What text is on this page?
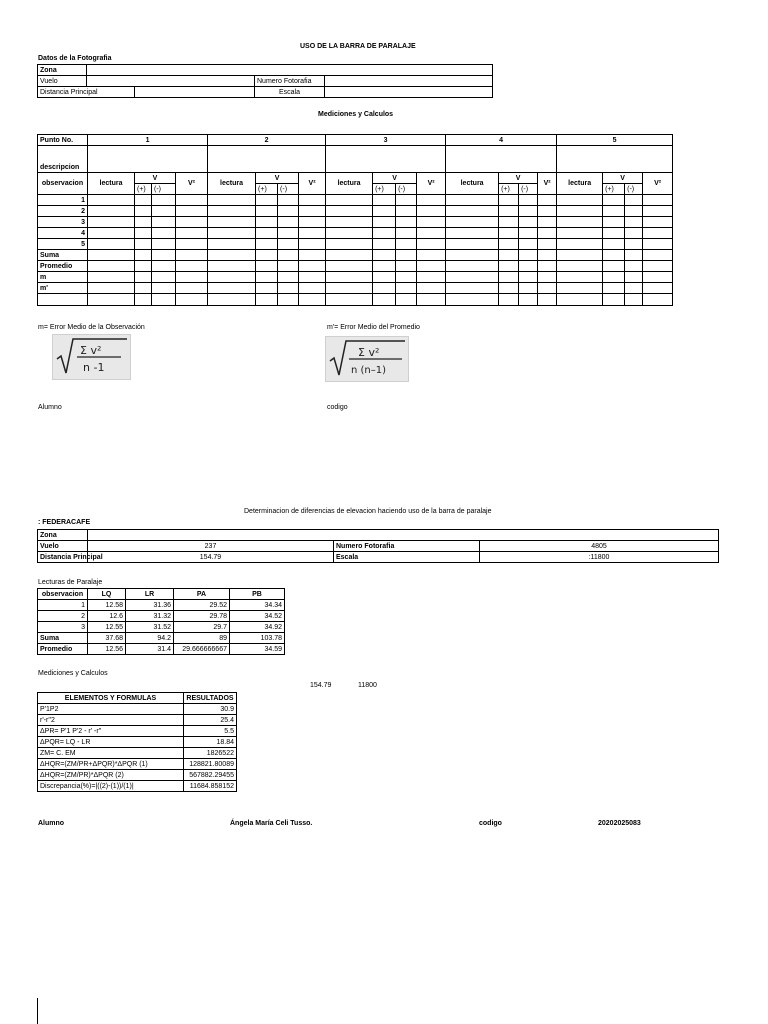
USO DE LA BARRA DE PARALAJE
Datos de la Fotografia
Zona				
Vuelo			Numero Fotorafia	
Distancia Principal			Escala	
Mediciones y Calculos
Punto No.	1				2				3				4				5			
descripcion																				
observacion	lectura	V		V²	lectura	V		V²	lectura	V		V²	lectura	V		V²	lectura	V		V²
		(+)	(-)			(+)	(-)			(+)	(-)			(+)	(-)			(+)	(-)	
1																				
2																				
3																				
4																				
5																				
Suma																				
Promedio																				
m																				
m'																				

m= Error Medio de la Observación	m'= Error Medio del Promedio
Σ v²
n -1
Σ v²
n (n–1)
Alumno	codigo
Determinacion de diferencias de elevacion haciendo uso de la barra de paralaje
: FEDERACAFE
Zona			
Vuelo	237	Numero Fotorafia	4805
Distancia Principal	154.79	Escala	:11800
Lecturas de Paralaje
observacion	LQ	LR	PA	PB
1	12.58	31.36	29.52	34.34
2	12.6	31.32	29.78	34.52
3	12.55	31.52	29.7	34.92
Suma	37.68	94.2	89	103.78
Promedio	12.56	31.4	29.666666667	34.59
Mediciones y Calculos
154.79	11800
ELEMENTOS Y FORMULAS	RESULTADOS
P'1P2	30.9
r'-r''2	25.4
ΔPR= P'1 P'2 - r' -r''	5.5
ΔPQR= LQ - LR	18.84
ZM= C. EM	1826522
ΔHQR=(ZM/PR+ΔPQR)*ΔPQR (1)	128821.80089
ΔHQR=(ZM/PR)*ΔPQR (2)	567882.29455
Discrepancia(%)=|((2)-(1))/(1)|	11684.858152
Alumno	Ángela María Celi Tusso.	codigo	20202025083
